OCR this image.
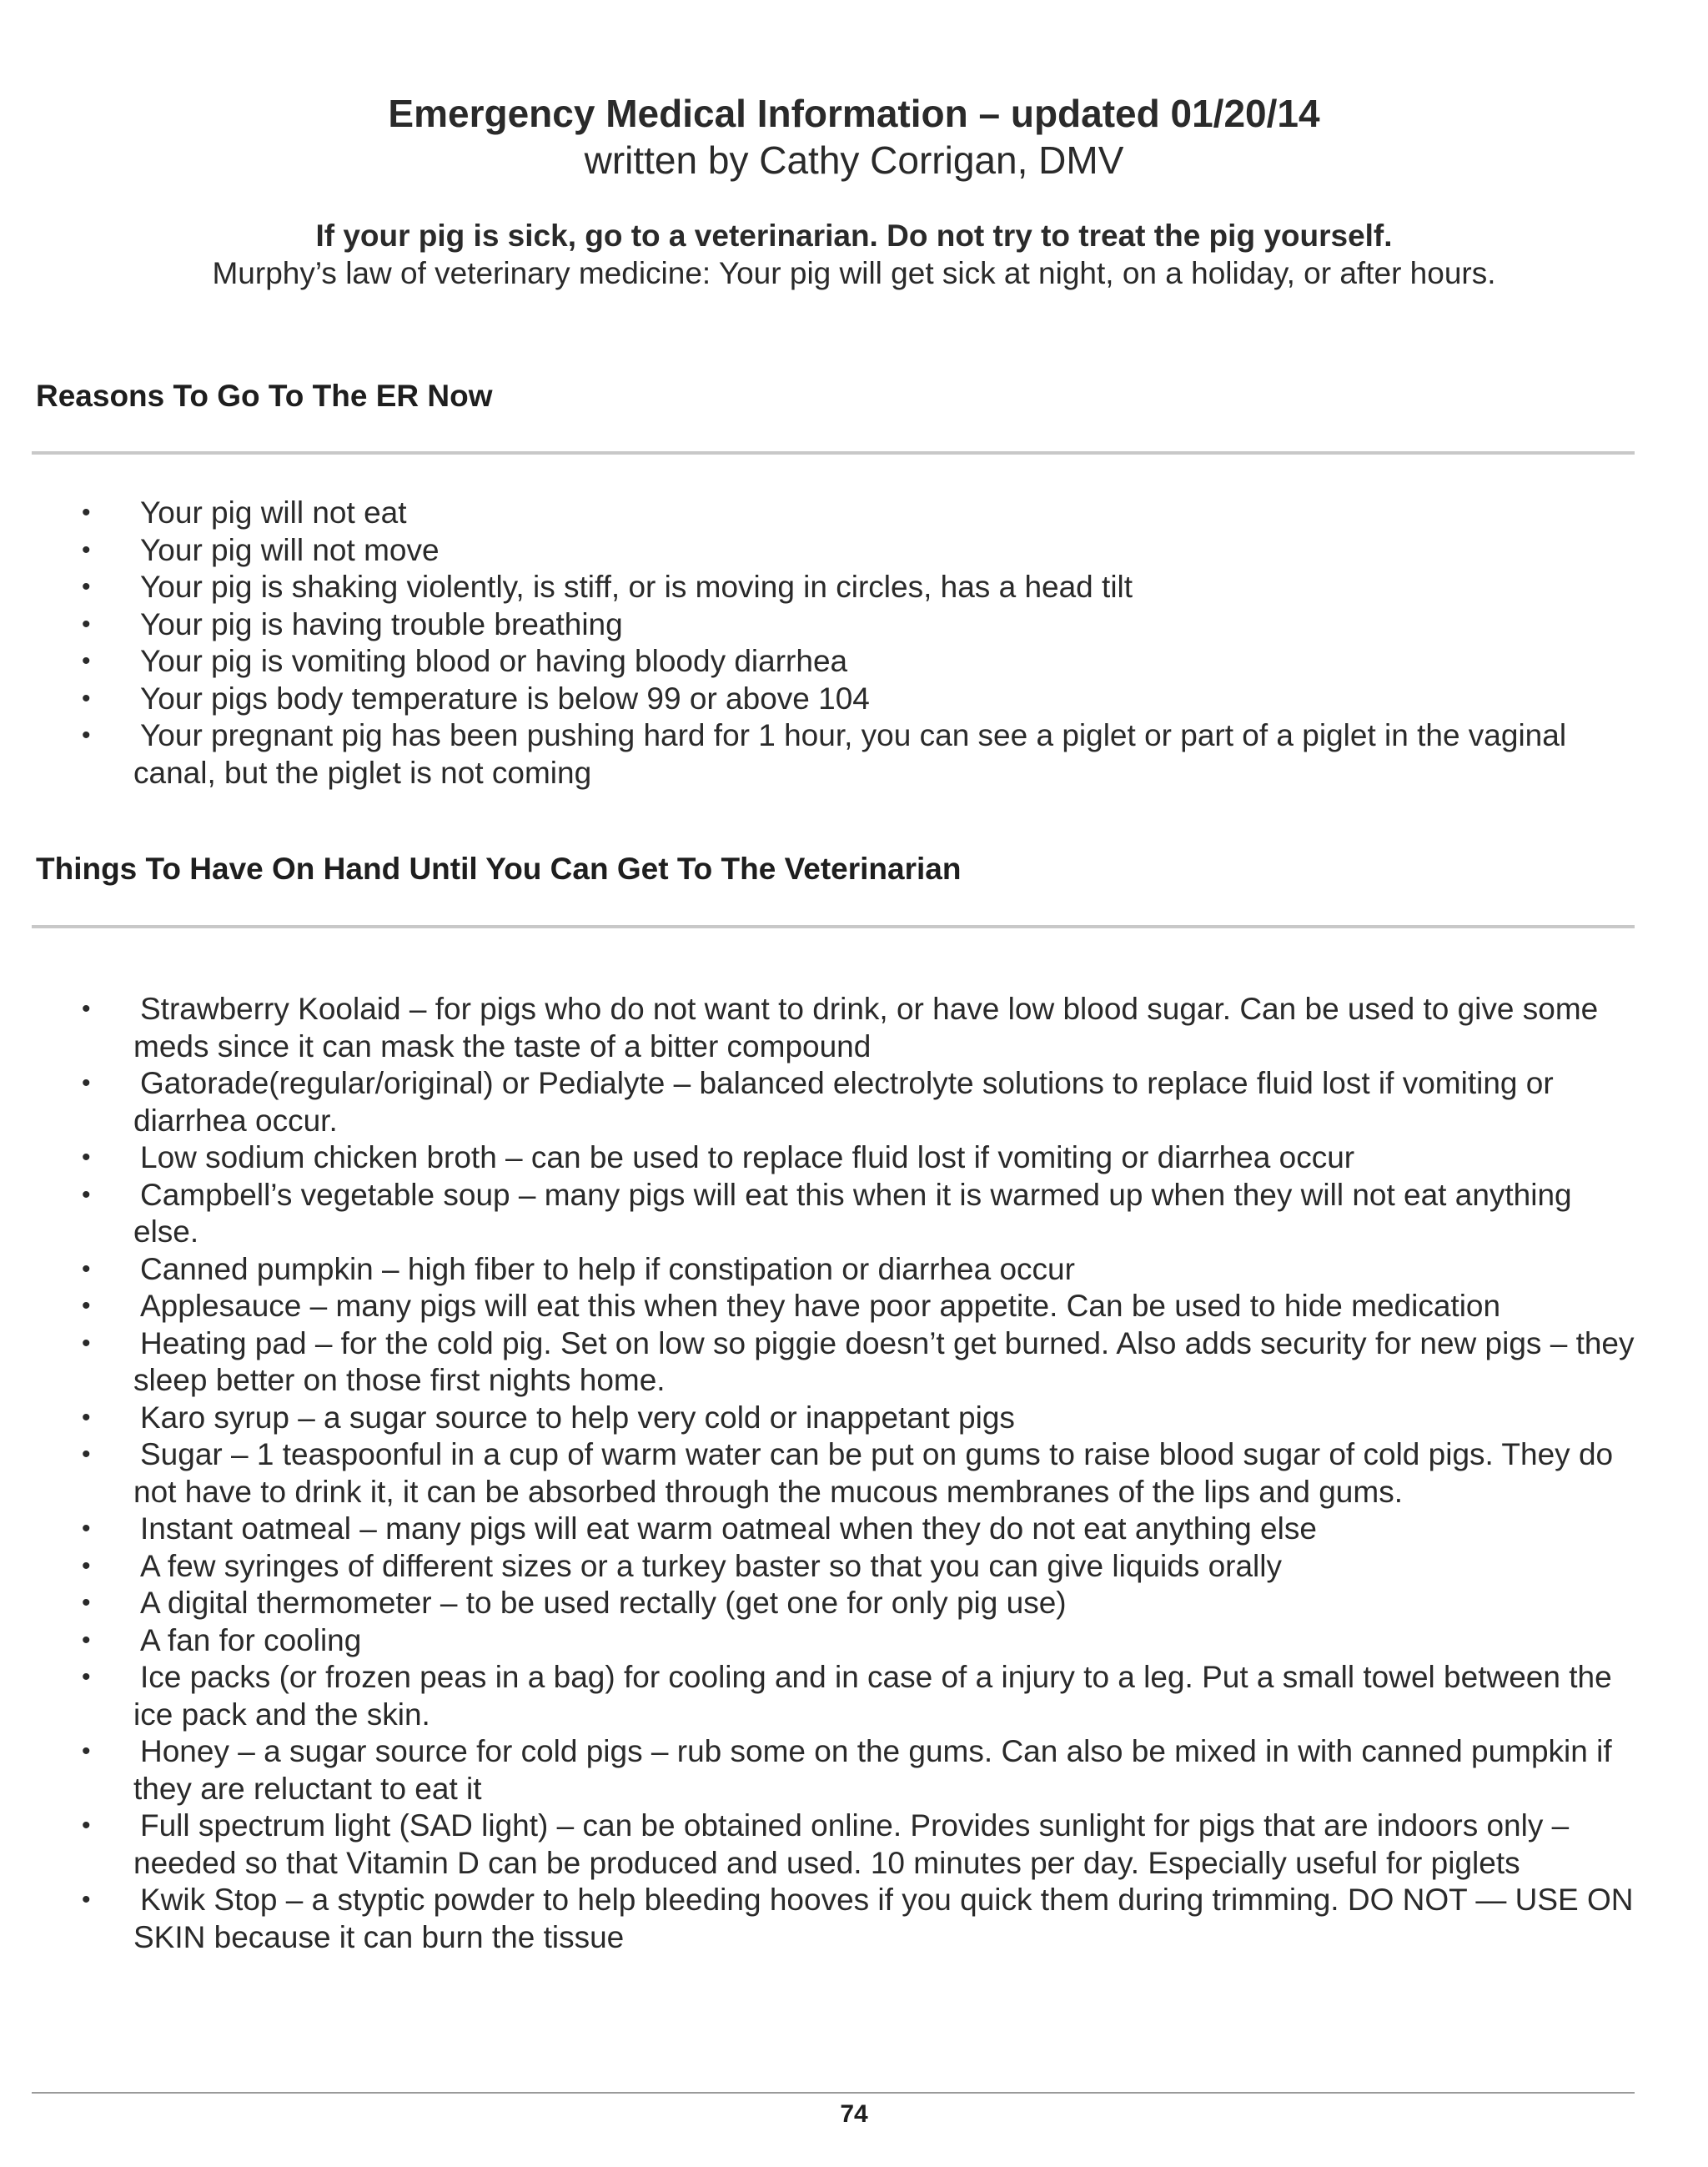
Emergency Medical Information – updated 01/20/14

written by Cathy Corrigan, DMV

If your pig is sick, go to a veterinarian. Do not try to treat the pig yourself.

Murphy’s law of veterinary medicine: Your pig will get sick at night, on a holiday, or after hours.

Reasons To Go To The ER Now
• Your pig will not eat
• Your pig will not move
• Your pig is shaking violently, is stiff, or is moving in circles, has a head tilt
• Your pig is having trouble breathing
• Your pig is vomiting blood or having bloody diarrhea
• Your pigs body temperature is below 99 or above 104
• Your pregnant pig has been pushing hard for 1 hour, you can see a piglet or part of a piglet in the vaginal canal, but the piglet is not coming
Things To Have On Hand Until You Can Get To The Veterinarian
• Strawberry Koolaid – for pigs who do not want to drink, or have low blood sugar. Can be used to give some meds since it can mask the taste of a bitter compound
• Gatorade(regular/original) or Pedialyte – balanced electrolyte solutions to replace fluid lost if vomiting or diarrhea occur.
• Low sodium chicken broth – can be used to replace fluid lost if vomiting or diarrhea occur
• Campbell’s vegetable soup – many pigs will eat this when it is warmed up when they will not eat anything else.
• Canned pumpkin – high fiber to help if constipation or diarrhea occur
• Applesauce – many pigs will eat this when they have poor appetite. Can be used to hide medication
• Heating pad – for the cold pig. Set on low so piggie doesn’t get burned. Also adds security for new pigs – they sleep better on those first nights home.
• Karo syrup – a sugar source to help very cold or inappetant pigs
• Sugar – 1 teaspoonful in a cup of warm water can be put on gums to raise blood sugar of cold pigs. They do not have to drink it, it can be absorbed through the mucous membranes of the lips and gums.
• Instant oatmeal – many pigs will eat warm oatmeal when they do not eat anything else
• A few syringes of different sizes or a turkey baster so that you can give liquids orally
• A digital thermometer – to be used rectally (get one for only pig use)
• A fan for cooling
• Ice packs (or frozen peas in a bag) for cooling and in case of a injury to a leg. Put a small towel between the ice pack and the skin.
• Honey – a sugar source for cold pigs – rub some on the gums. Can also be mixed in with canned pumpkin if they are reluctant to eat it
• Full spectrum light (SAD light) – can be obtained online. Provides sunlight for pigs that are indoors only – needed so that Vitamin D can be produced and used. 10 minutes per day. Especially useful for piglets
• Kwik Stop – a styptic powder to help bleeding hooves if you quick them during trimming. DO NOT — USE ON SKIN because it can burn the tissue
74
